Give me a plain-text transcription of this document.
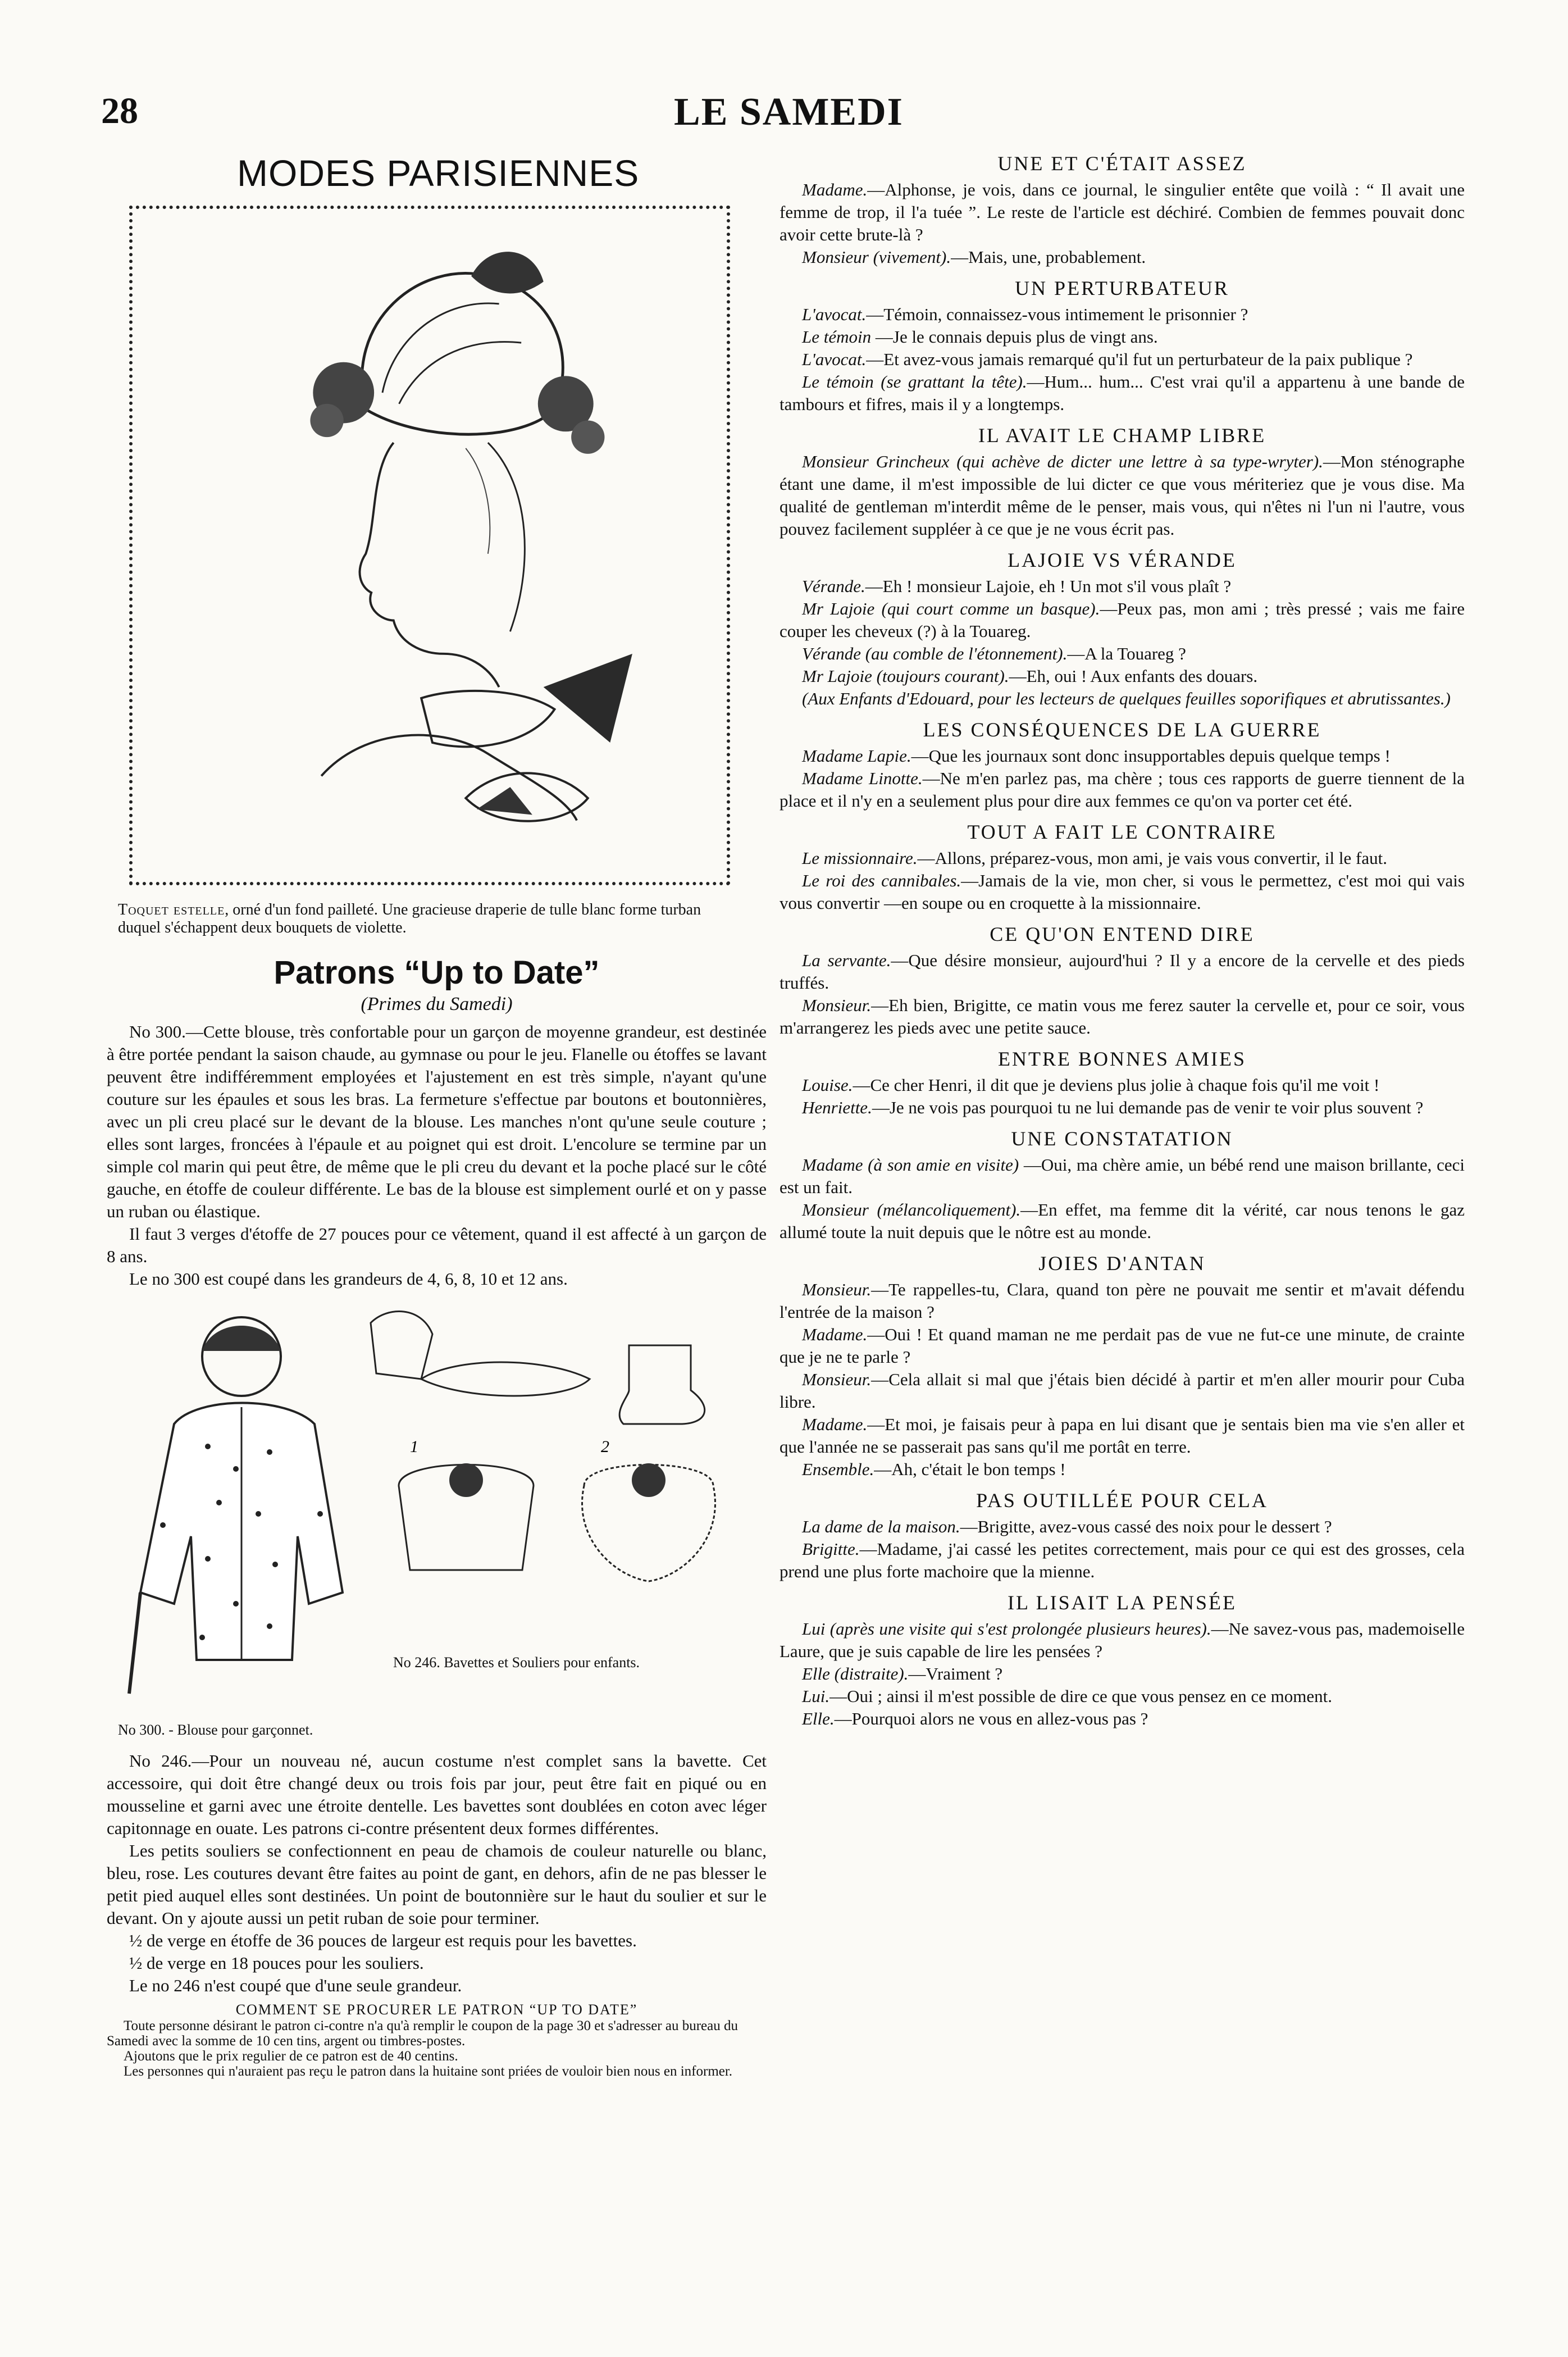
28	LE SAMEDI
MODES PARISIENNES

Toquet estelle, orné d'un fond pailleté. Une gracieuse draperie de tulle blanc forme turban duquel s'échappent deux bouquets de violette.

Patrons “Up to Date”

(Primes du Samedi)

No 300.—Cette blouse, très confortable pour un garçon de moyenne grandeur, est destinée à être portée pendant la saison chaude, au gymnase ou pour le jeu. Flanelle ou étoffes se lavant peuvent être indifféremment employées et l'ajustement en est très simple, n'ayant qu'une couture sur les épaules et sous les bras. La fermeture s'effectue par boutons et boutonnières, avec un pli creu placé sur le devant de la blouse. Les manches n'ont qu'une seule couture ; elles sont larges, froncées à l'épaule et au poignet qui est droit. L'encolure se termine par un simple col marin qui peut être, de même que le pli creu du devant et la poche placé sur le côté gauche, en étoffe de couleur différente. Le bas de la blouse est simplement ourlé et on y passe un ruban ou élastique.

Il faut 3 verges d'étoffe de 27 pouces pour ce vêtement, quand il est affecté à un garçon de 8 ans.

Le no 300 est coupé dans les grandeurs de 4, 6, 8, 10 et 12 ans.

1	2
No 246. Bavettes et Souliers pour enfants.
No 300. - Blouse pour garçonnet.

No 246.—Pour un nouveau né, aucun costume n'est complet sans la bavette. Cet accessoire, qui doit être changé deux ou trois fois par jour, peut être fait en piqué ou en mousseline et garni avec une étroite dentelle. Les bavettes sont doublées en coton avec léger capitonnage en ouate. Les patrons ci-contre présentent deux formes différentes.

Les petits souliers se confectionnent en peau de chamois de couleur naturelle ou blanc, bleu, rose. Les coutures devant être faites au point de gant, en dehors, afin de ne pas blesser le petit pied auquel elles sont destinées. Un point de boutonnière sur le haut du soulier et sur le devant. On y ajoute aussi un petit ruban de soie pour terminer.

½ de verge en étoffe de 36 pouces de largeur est requis pour les bavettes.

½ de verge en 18 pouces pour les souliers.

Le no 246 n'est coupé que d'une seule grandeur.

COMMENT SE PROCURER LE PATRON “UP TO DATE”

Toute personne désirant le patron ci-contre n'a qu'à remplir le coupon de la page 30 et s'adresser au bureau du Samedi avec la somme de 10 cen tins, argent ou timbres-postes.

Ajoutons que le prix regulier de ce patron est de 40 centins.

Les personnes qui n'auraient pas reçu le patron dans la huitaine sont priées de vouloir bien nous en informer.

UNE ET C'ÉTAIT ASSEZ

Madame.—Alphonse, je vois, dans ce journal, le singulier entête que voilà : “ Il avait une femme de trop, il l'a tuée ”. Le reste de l'article est déchiré. Combien de femmes pouvait donc avoir cette brute-là ?

Monsieur (vivement).—Mais, une, probablement.

UN PERTURBATEUR

L'avocat.—Témoin, connaissez-vous intimement le prisonnier ?

Le témoin —Je le connais depuis plus de vingt ans.

L'avocat.—Et avez-vous jamais remarqué qu'il fut un perturbateur de la paix publique ?

Le témoin (se grattant la tête).—Hum... hum... C'est vrai qu'il a appartenu à une bande de tambours et fifres, mais il y a longtemps.

IL AVAIT LE CHAMP LIBRE

Monsieur Grincheux (qui achève de dicter une lettre à sa type-wryter).—Mon sténographe étant une dame, il m'est impossible de lui dicter ce que vous mériteriez que je vous dise. Ma qualité de gentleman m'interdit même de le penser, mais vous, qui n'êtes ni l'un ni l'autre, vous pouvez facilement suppléer à ce que je ne vous écrit pas.

LAJOIE VS VÉRANDE

Vérande.—Eh ! monsieur Lajoie, eh ! Un mot s'il vous plaît ?

Mr Lajoie (qui court comme un basque).—Peux pas, mon ami ; très pressé ; vais me faire couper les cheveux (?) à la Touareg.

Vérande (au comble de l'étonnement).—A la Touareg ?

Mr Lajoie (toujours courant).—Eh, oui ! Aux enfants des douars.

(Aux Enfants d'Edouard, pour les lecteurs de quelques feuilles soporifiques et abrutissantes.)

LES CONSÉQUENCES DE LA GUERRE

Madame Lapie.—Que les journaux sont donc insupportables depuis quelque temps !

Madame Linotte.—Ne m'en parlez pas, ma chère ; tous ces rapports de guerre tiennent de la place et il n'y en a seulement plus pour dire aux femmes ce qu'on va porter cet été.

TOUT A FAIT LE CONTRAIRE

Le missionnaire.—Allons, préparez-vous, mon ami, je vais vous convertir, il le faut.

Le roi des cannibales.—Jamais de la vie, mon cher, si vous le permettez, c'est moi qui vais vous convertir —en soupe ou en croquette à la missionnaire.

CE QU'ON ENTEND DIRE

La servante.—Que désire monsieur, aujourd'hui ? Il y a encore de la cervelle et des pieds truffés.

Monsieur.—Eh bien, Brigitte, ce matin vous me ferez sauter la cervelle et, pour ce soir, vous m'arrangerez les pieds avec une petite sauce.

ENTRE BONNES AMIES

Louise.—Ce cher Henri, il dit que je deviens plus jolie à chaque fois qu'il me voit !

Henriette.—Je ne vois pas pourquoi tu ne lui demande pas de venir te voir plus souvent ?

UNE CONSTATATION

Madame (à son amie en visite) —Oui, ma chère amie, un bébé rend une maison brillante, ceci est un fait.

Monsieur (mélancoliquement).—En effet, ma femme dit la vérité, car nous tenons le gaz allumé toute la nuit depuis que le nôtre est au monde.

JOIES D'ANTAN

Monsieur.—Te rappelles-tu, Clara, quand ton père ne pouvait me sentir et m'avait défendu l'entrée de la maison ?

Madame.—Oui ! Et quand maman ne me perdait pas de vue ne fut-ce une minute, de crainte que je ne te parle ?

Monsieur.—Cela allait si mal que j'étais bien décidé à partir et m'en aller mourir pour Cuba libre.

Madame.—Et moi, je faisais peur à papa en lui disant que je sentais bien ma vie s'en aller et que l'année ne se passerait pas sans qu'il me portât en terre.

Ensemble.—Ah, c'était le bon temps !

PAS OUTILLÉE POUR CELA

La dame de la maison.—Brigitte, avez-vous cassé des noix pour le dessert ?

Brigitte.—Madame, j'ai cassé les petites correctement, mais pour ce qui est des grosses, cela prend une plus forte machoire que la mienne.

IL LISAIT LA PENSÉE

Lui (après une visite qui s'est prolongée plusieurs heures).—Ne savez-vous pas, mademoiselle Laure, que je suis capable de lire les pensées ?

Elle (distraite).—Vraiment ?

Lui.—Oui ; ainsi il m'est possible de dire ce que vous pensez en ce moment.

Elle.—Pourquoi alors ne vous en allez-vous pas ?
